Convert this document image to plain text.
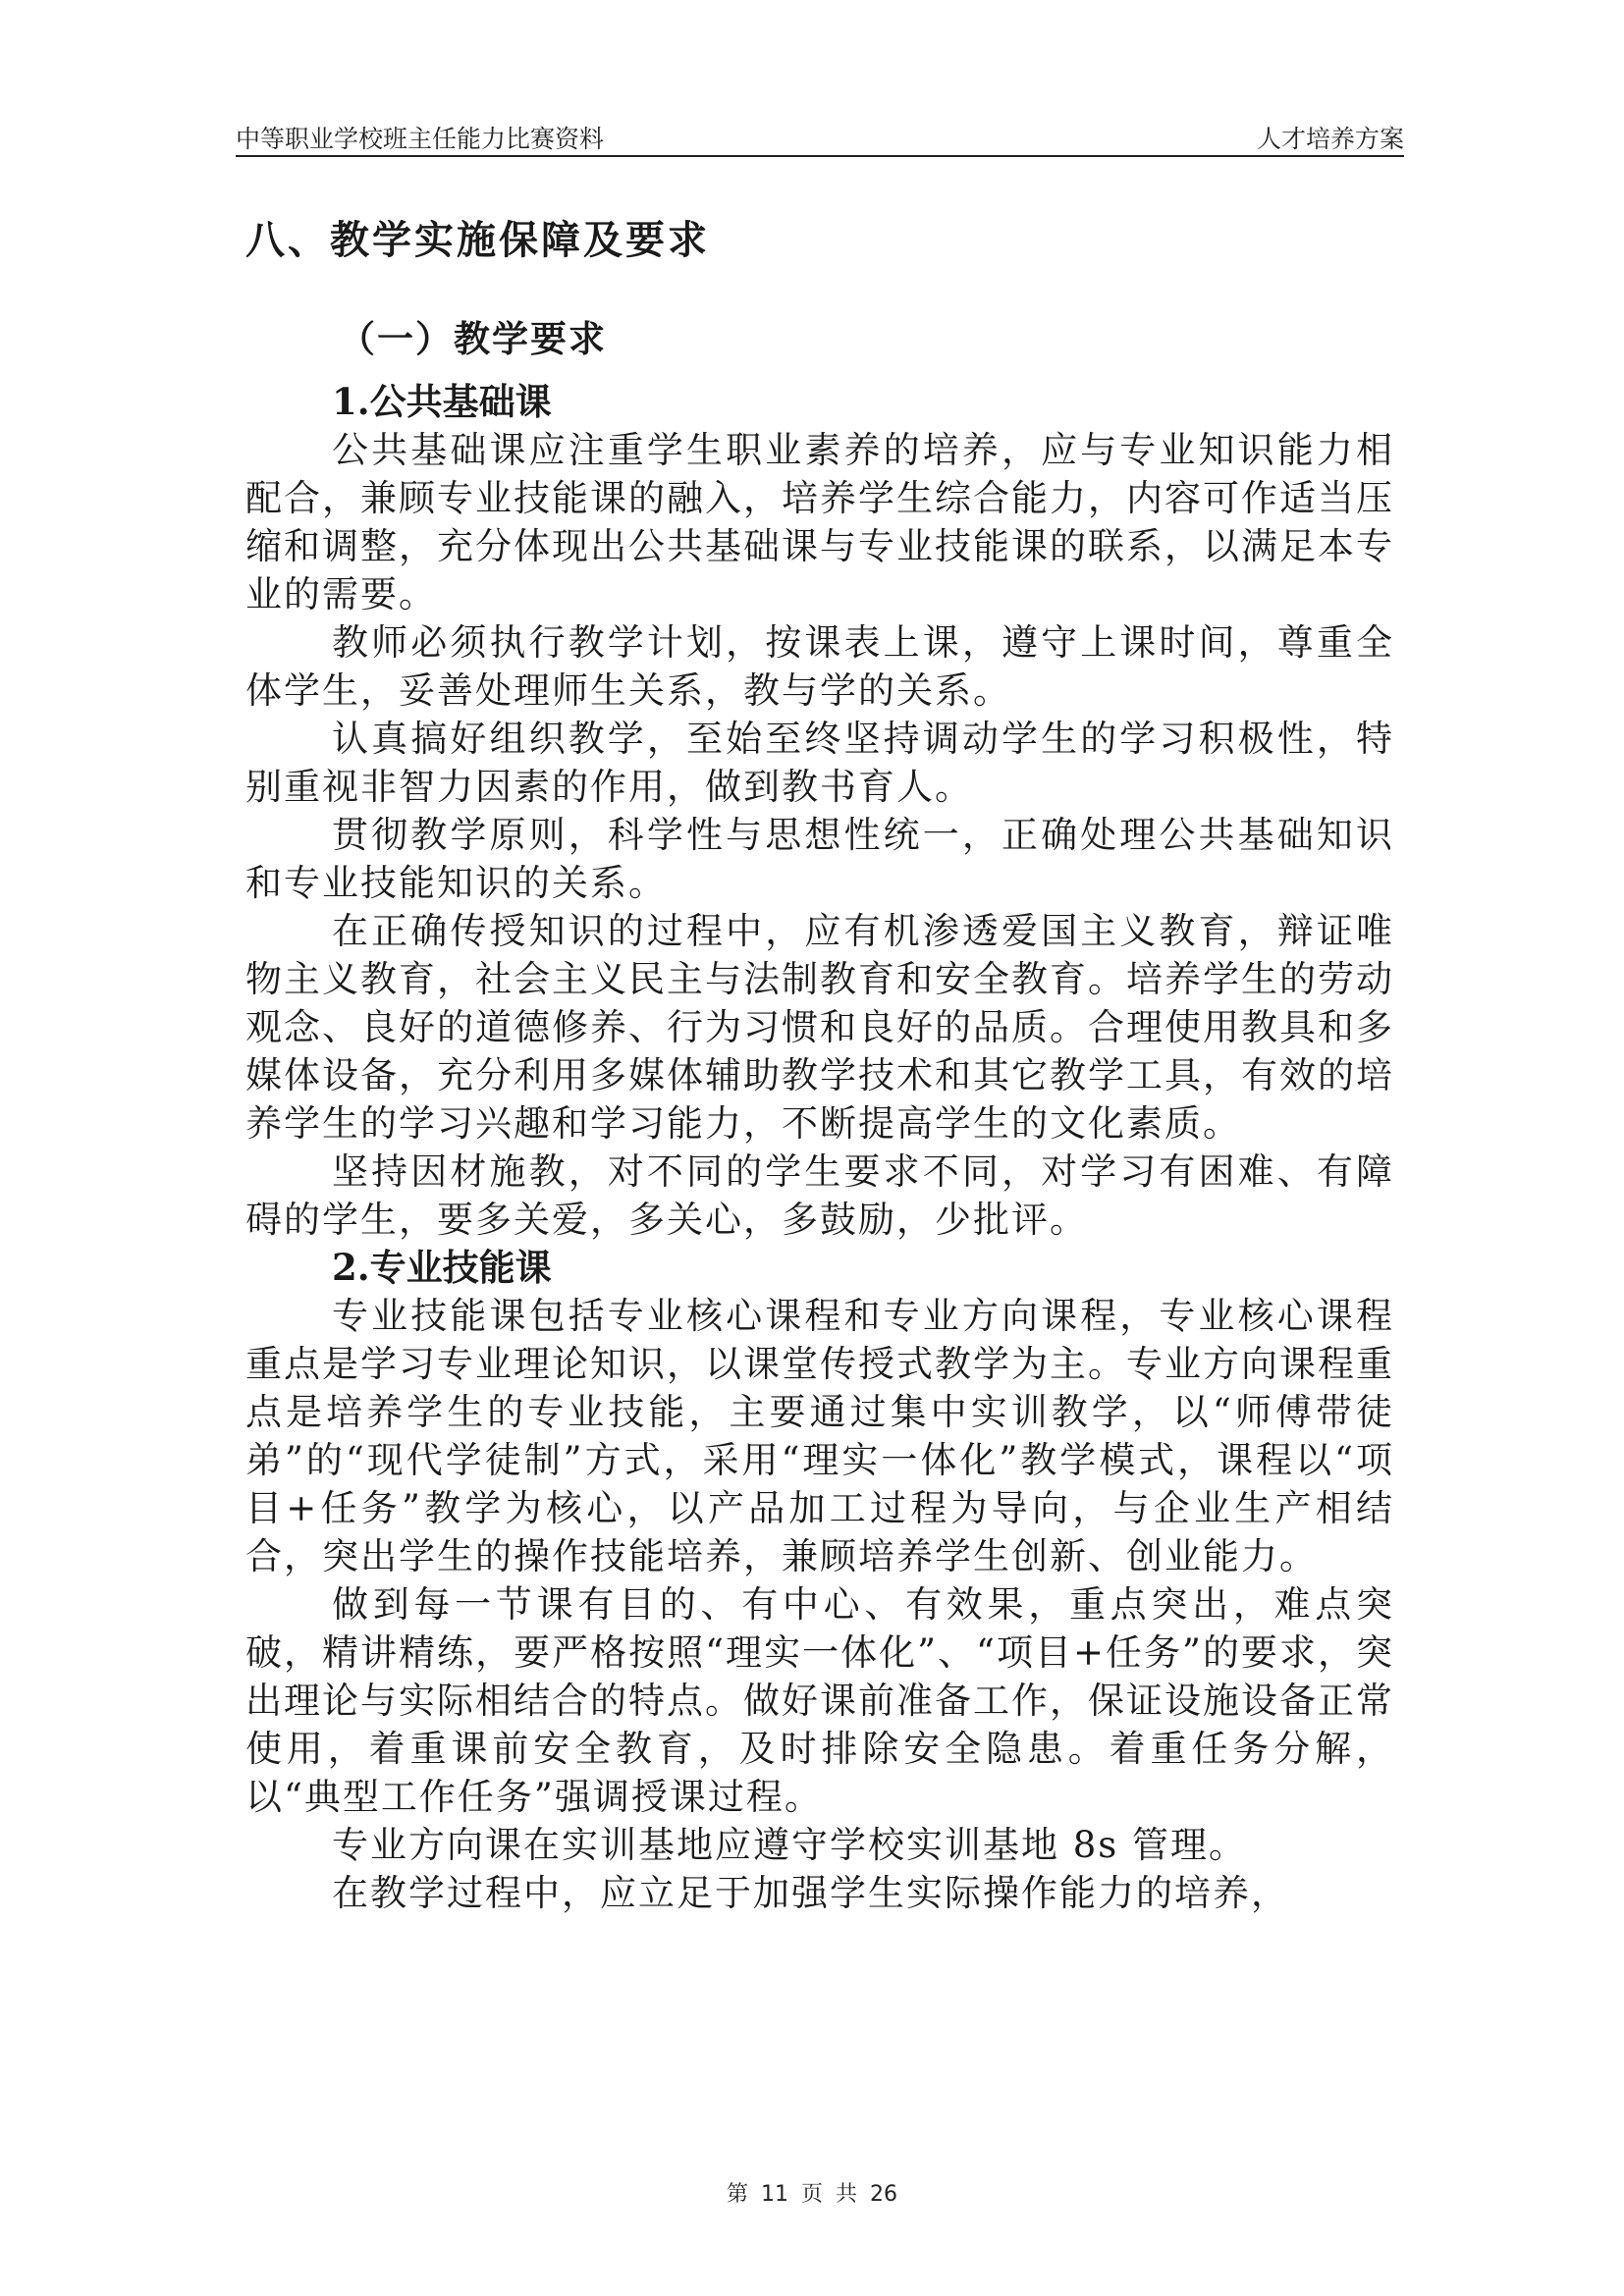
中等职业学校班主任能力比赛资料	人才培养方案
八、教学实施保障及要求
（一）教学要求
1.公共基础课

公共基础课应注重学生职业素养的培养，应与专业知识能力相配合，兼顾专业技能课的融入，培养学生综合能力，内容可作适当压缩和调整，充分体现出公共基础课与专业技能课的联系，以满足本专业的需要。

教师必须执行教学计划，按课表上课，遵守上课时间，尊重全体学生，妥善处理师生关系，教与学的关系。

认真搞好组织教学，至始至终坚持调动学生的学习积极性，特别重视非智力因素的作用，做到教书育人。

贯彻教学原则，科学性与思想性统一，正确处理公共基础知识和专业技能知识的关系。

在正确传授知识的过程中，应有机渗透爱国主义教育，辩证唯物主义教育，社会主义民主与法制教育和安全教育。培养学生的劳动观念、良好的道德修养、行为习惯和良好的品质。合理使用教具和多媒体设备，充分利用多媒体辅助教学技术和其它教学工具，有效的培养学生的学习兴趣和学习能力，不断提高学生的文化素质。

坚持因材施教，对不同的学生要求不同，对学习有困难、有障碍的学生，要多关爱，多关心，多鼓励，少批评。

2.专业技能课

专业技能课包括专业核心课程和专业方向课程，专业核心课程重点是学习专业理论知识，以课堂传授式教学为主。专业方向课程重点是培养学生的专业技能，主要通过集中实训教学，以“师傅带徒弟”的“现代学徒制”方式，采用“理实一体化”教学模式，课程以“项目+任务”教学为核心，以产品加工过程为导向，与企业生产相结合，突出学生的操作技能培养，兼顾培养学生创新、创业能力。

做到每一节课有目的、有中心、有效果，重点突出，难点突破，精讲精练，要严格按照“理实一体化”、“项目+任务”的要求，突出理论与实际相结合的特点。做好课前准备工作，保证设施设备正常使用，着重课前安全教育，及时排除安全隐患。着重任务分解，以“典型工作任务”强调授课过程。

专业方向课在实训基地应遵守学校实训基地 8s 管理。

在教学过程中，应立足于加强学生实际操作能力的培养，

第 11 页 共 26
